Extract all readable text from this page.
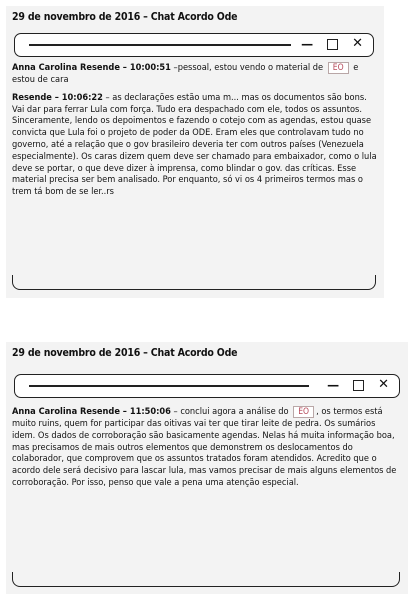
29 de novembro de 2016 – Chat Acordo Ode
—	✕

Anna Carolina Resende – 10:00:51 –pessoal, estou vendo o material de EO e estou de cara

Resende – 10:06:22 – as declarações estão uma m... mas os documentos são bons. Vai dar para ferrar Lula com força. Tudo era despachado com ele, todos os assuntos. Sinceramente, lendo os depoimentos e fazendo o cotejo com as agendas, estou quase convicta que Lula foi o projeto de poder da ODE. Eram eles que controlavam tudo no governo, até a relação que o gov brasileiro deveria ter com outros países (Venezuela especialmente). Os caras dizem quem deve ser chamado para embaixador, como o lula deve se portar, o que deve dizer à imprensa, como blindar o gov. das críticas. Esse material precisa ser bem analisado. Por enquanto, só vi os 4 primeiros termos mas o trem tá bom de se ler..rs

29 de novembro de 2016 – Chat Acordo Ode
—	✕

Anna Carolina Resende – 11:50:06 – conclui agora a análise do EO , os termos está muito ruins, quem for participar das oitivas vai ter que tirar leite de pedra. Os sumários idem. Os dados de corroboração são basicamente agendas. Nelas há muita informação boa, mas precisamos de mais outros elementos que demonstrem os deslocamentos do colaborador, que comprovem que os assuntos tratados foram atendidos. Acredito que o acordo dele será decisivo para lascar lula, mas vamos precisar de mais alguns elementos de corroboração. Por isso, penso que vale a pena uma atenção especial.
